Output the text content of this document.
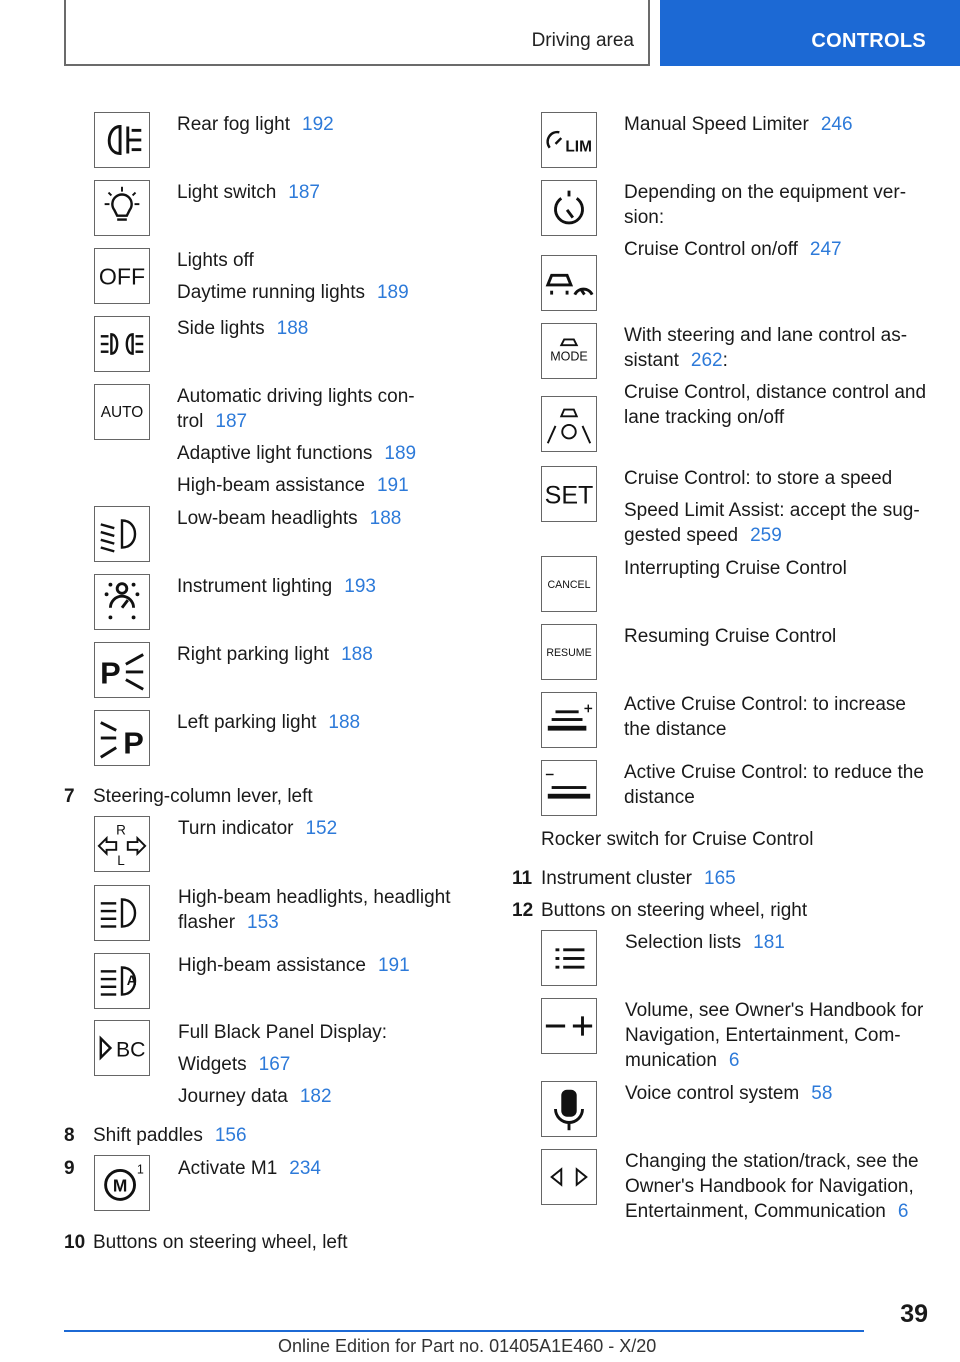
Driving area	CONTROLS
Rear fog light 192
Light switch 187
OFF
Lights off
Daytime running lights 189
Side lights 188
AUTO
Automatic driving lights con-
trol 187
Adaptive light functions 189
High-beam assistance 191
Low-beam headlights 188
Instrument lighting 193
P
Right parking light 188
P
Left parking light 188
7 Steering-column lever, left
R
L
Turn indicator 152
High-beam headlights, headlight
flasher 153
A
High-beam assistance 191
BC
Full Black Panel Display:
Widgets 167
Journey data 182
8 Shift paddles 156
9
M
1 Activate M1 234
10 Buttons on steering wheel, left
LIM
Manual Speed Limiter 246
Depending on the equipment ver-
sion:
Cruise Control on/off 247
MODE
With steering and lane control as-
sistant 262:
Cruise Control, distance control and
lane tracking on/off
SET
Cruise Control: to store a speed
Speed Limit Assist: accept the sug-
gested speed 259
CANCEL
Interrupting Cruise Control
RESUME
Resuming Cruise Control
Active Cruise Control: to increase
the distance
Active Cruise Control: to reduce the
distance
Rocker switch for Cruise Control
11 Instrument cluster 165
12 Buttons on steering wheel, right
Selection lists 181
Volume, see Owner's Handbook for
Navigation, Entertainment, Com-
munication 6
Voice control system 58
Changing the station/track, see the
Owner's Handbook for Navigation,
Entertainment, Communication 6
39
Online Edition for Part no. 01405A1E460 - X/20
